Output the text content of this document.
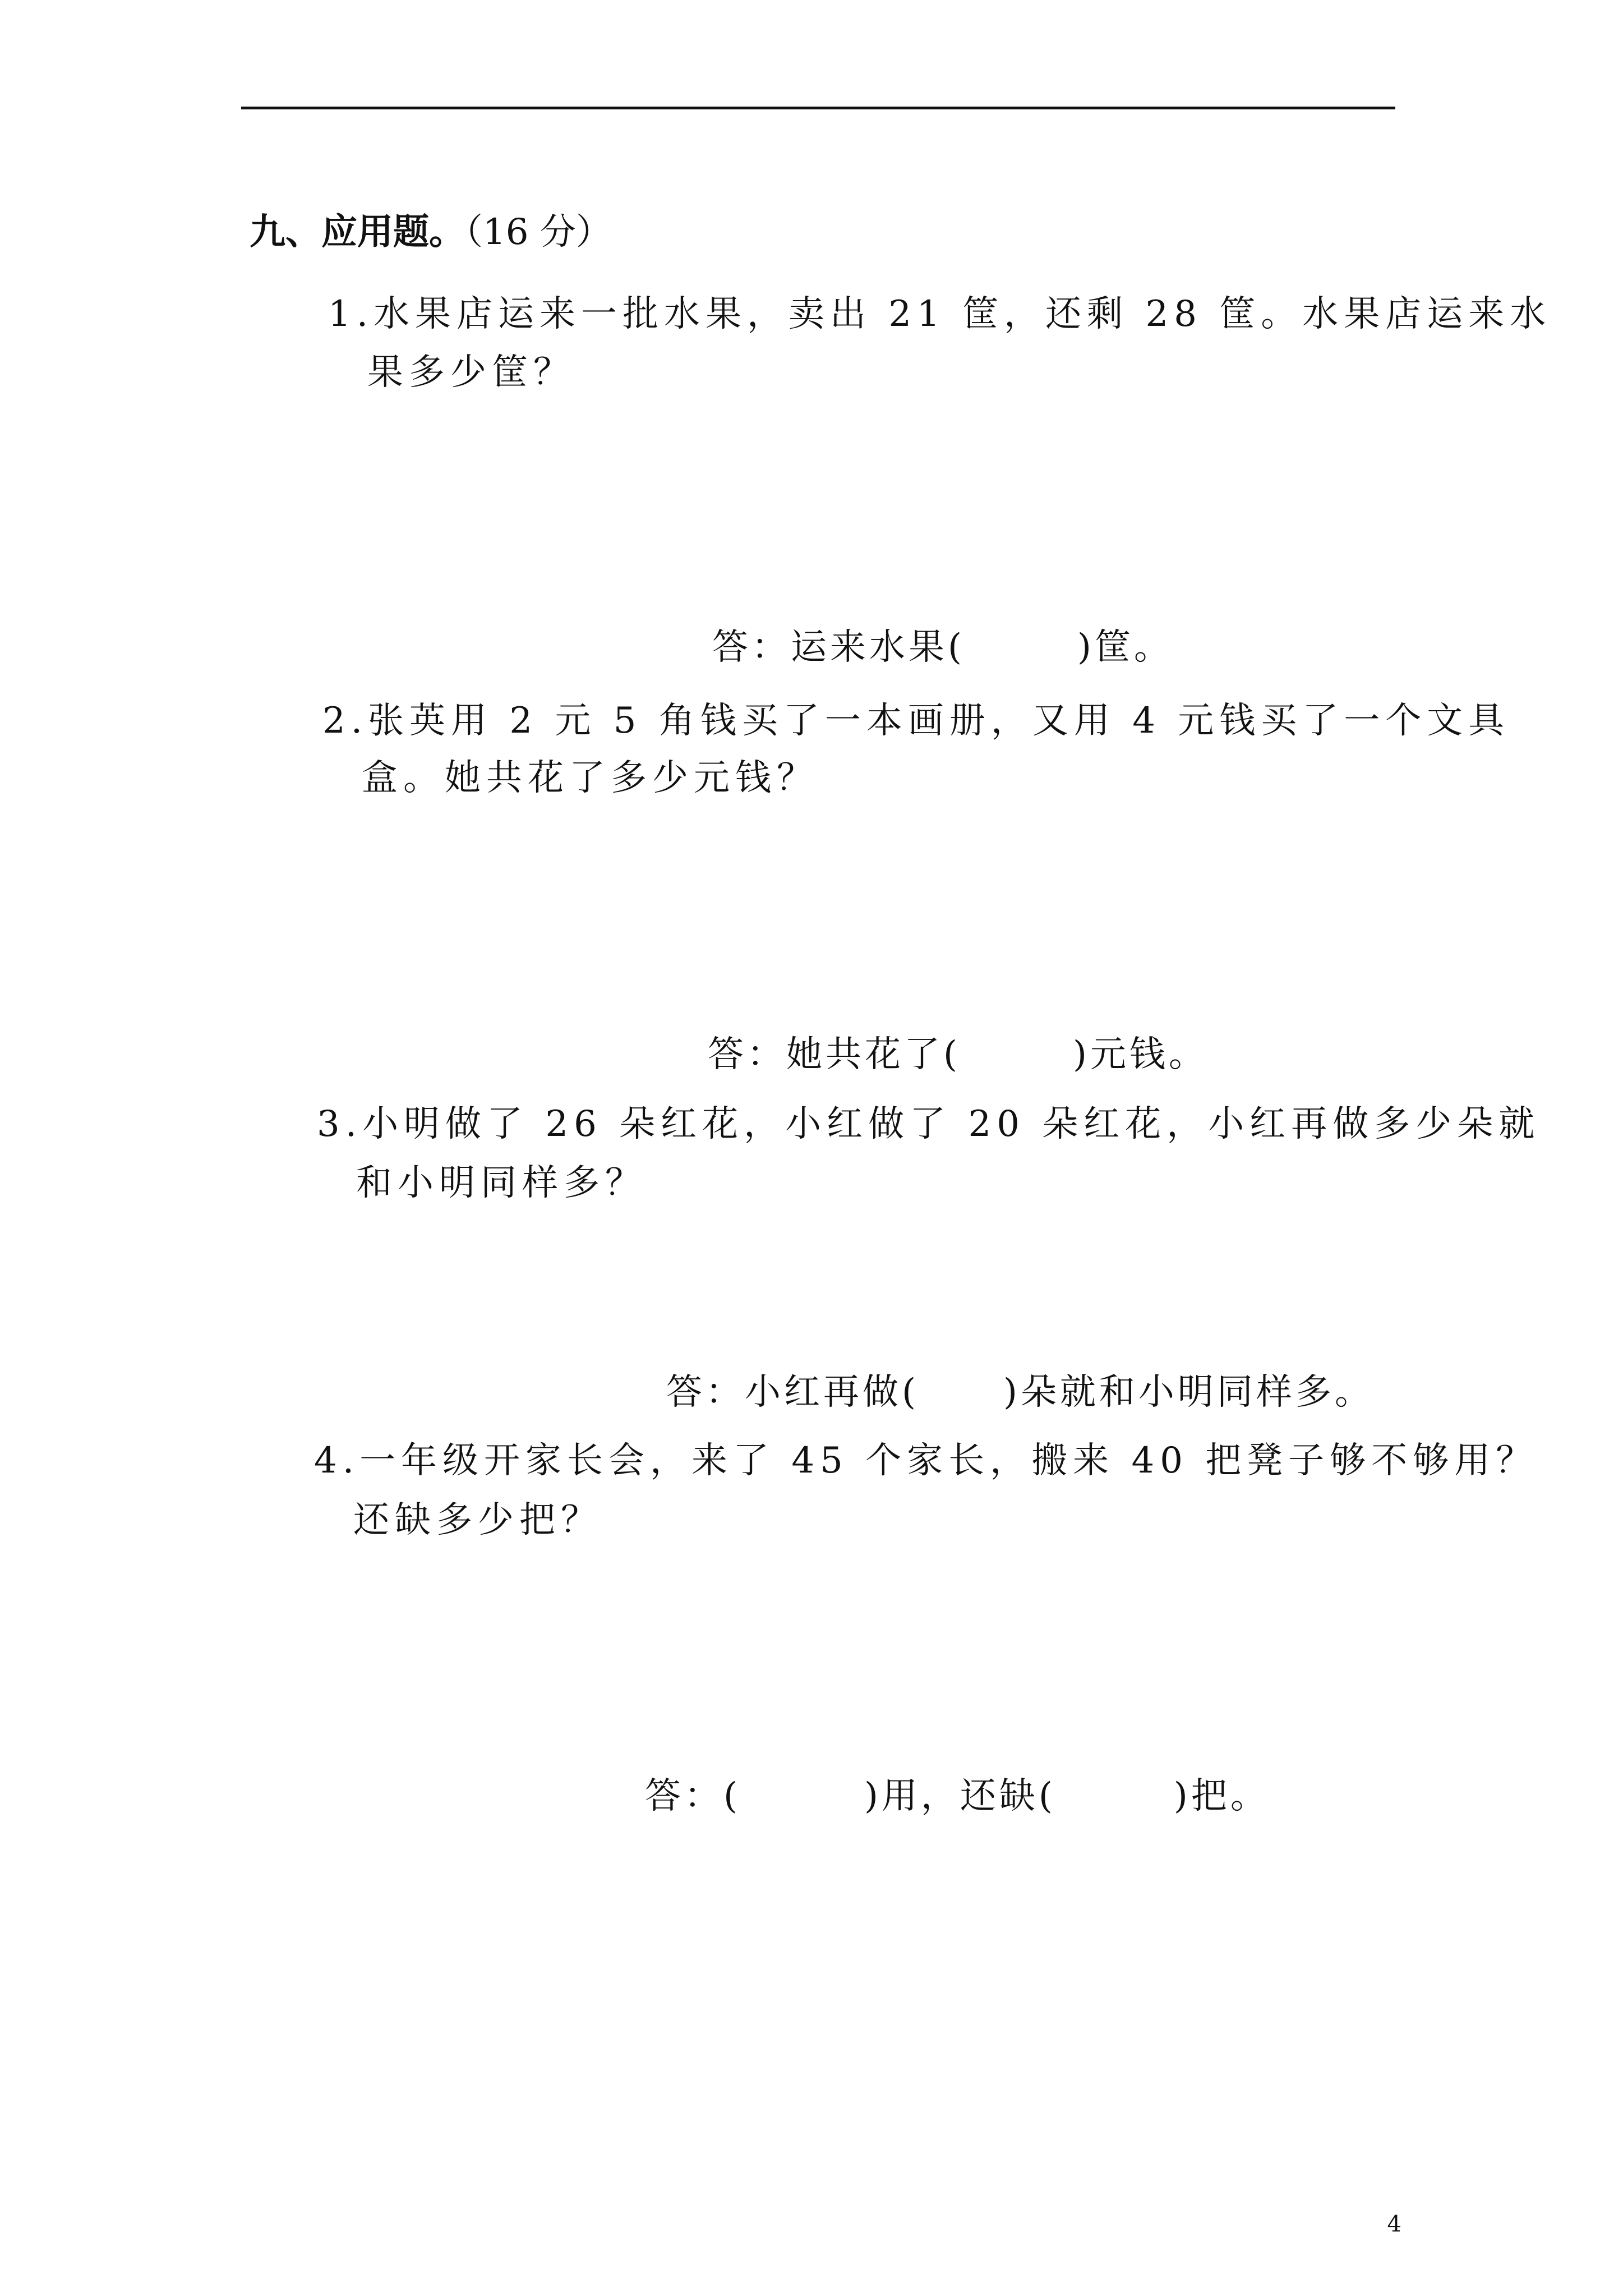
九、应用题。（16 分）
1.水果店运来一批水果，卖出 21 筐，还剩 28 筐。水果店运来水
果多少筐？
答：运来水果(	)筐。
2.张英用 2 元 5 角钱买了一本画册，又用 4 元钱买了一个文具
盒。她共花了多少元钱？
答：她共花了(	)元钱。
3.小明做了 26 朵红花，小红做了 20 朵红花，小红再做多少朵就
和小明同样多？
答：小红再做( )朵就和小明同样多。
4.一年级开家长会，来了 45 个家长，搬来 40 把凳子够不够用？
还缺多少把？
答：(	)用，还缺(	)把。
4
